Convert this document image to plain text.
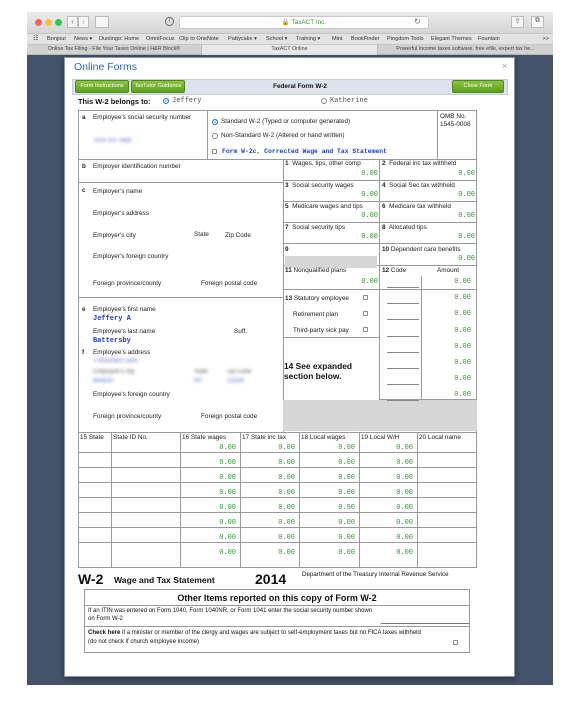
‹	›	i	🔒 TaxACT Inc.	↻	⇪	⧉
☷ Bonjour News ▾ Duolingo: Home OmniFocus Clip to OneNote Pattycake ▾ School ▾ Training ▾ Mint BookFinder Pingdom Tools Elegant Themes Fountain	>>
Online Tax Filing - File Your Taxes Online | H&R Block®	TaxACT Online	Powerful income taxes software, free efile, expert tax he...
Online Forms	×
Form Instructions	TaxTutor Guidance	Federal Form W-2	Close Form
This W-2 belongs to:	Jeffery	Katherine
a Employee's social security number
XXX-XX-7688
Standard W-2 (Typed or computer generated)
Non-Standard W-2 (Altered or hand written)
Form W-2c, Corrected Wage and Tax Statement
OMB No.
1545-0008
b Employer identification number
c Employer's name
Employer's address
Employer's city	State	Zip Code
Employer's foreign country
Foreign province/county	Foreign postal code
e Employee's first name
Jeffery A
Employee's last name	Suff.
Battersby
f Employee's address
1 Mountain Lane
Employee's city	State	Zip Code
Beacon	NY	12508
Employee's foreign country
Foreign province/county	Foreign postal code
1 Wages, tips, other comp
0.00
2 Federal inc tax withheld
0.00
3 Social security wages
0.00
4 Social Sec tax withheld
0.00
5 Medicare wages and tips
0.00
6 Medicare tax withheld
0.00
7 Social security tips
0.00
8 Allocated tips
0.00
9	10 Dependent care benefits
0.00
11 Nonqualified plans
0.00
12 Code	Amount
0.00
0.00
0.00
0.00
0.00
0.00
0.00
0.00
13 Statutory employee
Retirement plan
Third-party sick pay
14 See expanded section below.
15 State State ID No.	16 State wages 17 State inc tax 18 Local wages 19 Local W/H	20 Local name
0.00	0.00	0.00	0.00
0.00	0.00	0.00	0.00
0.00	0.00	0.00	0.00
0.00	0.00	0.00	0.00
0.00	0.00	0.00	0.00
0.00	0.00	0.00	0.00
0.00	0.00	0.00	0.00
0.00	0.00	0.00	0.00
W-2 Wage and Tax Statement	2014	Department of the Treasury Internal Revenue Service
Other Items reported on this copy of Form W-2
If an ITIN was entered on Form 1040, Form 1040NR, or Form 1041 enter the social security number shown on Form W-2
Check here if a minister or member of the clergy and wages are subject to self-employment taxes but no FICA taxes withheld (do not check if church employee income)
